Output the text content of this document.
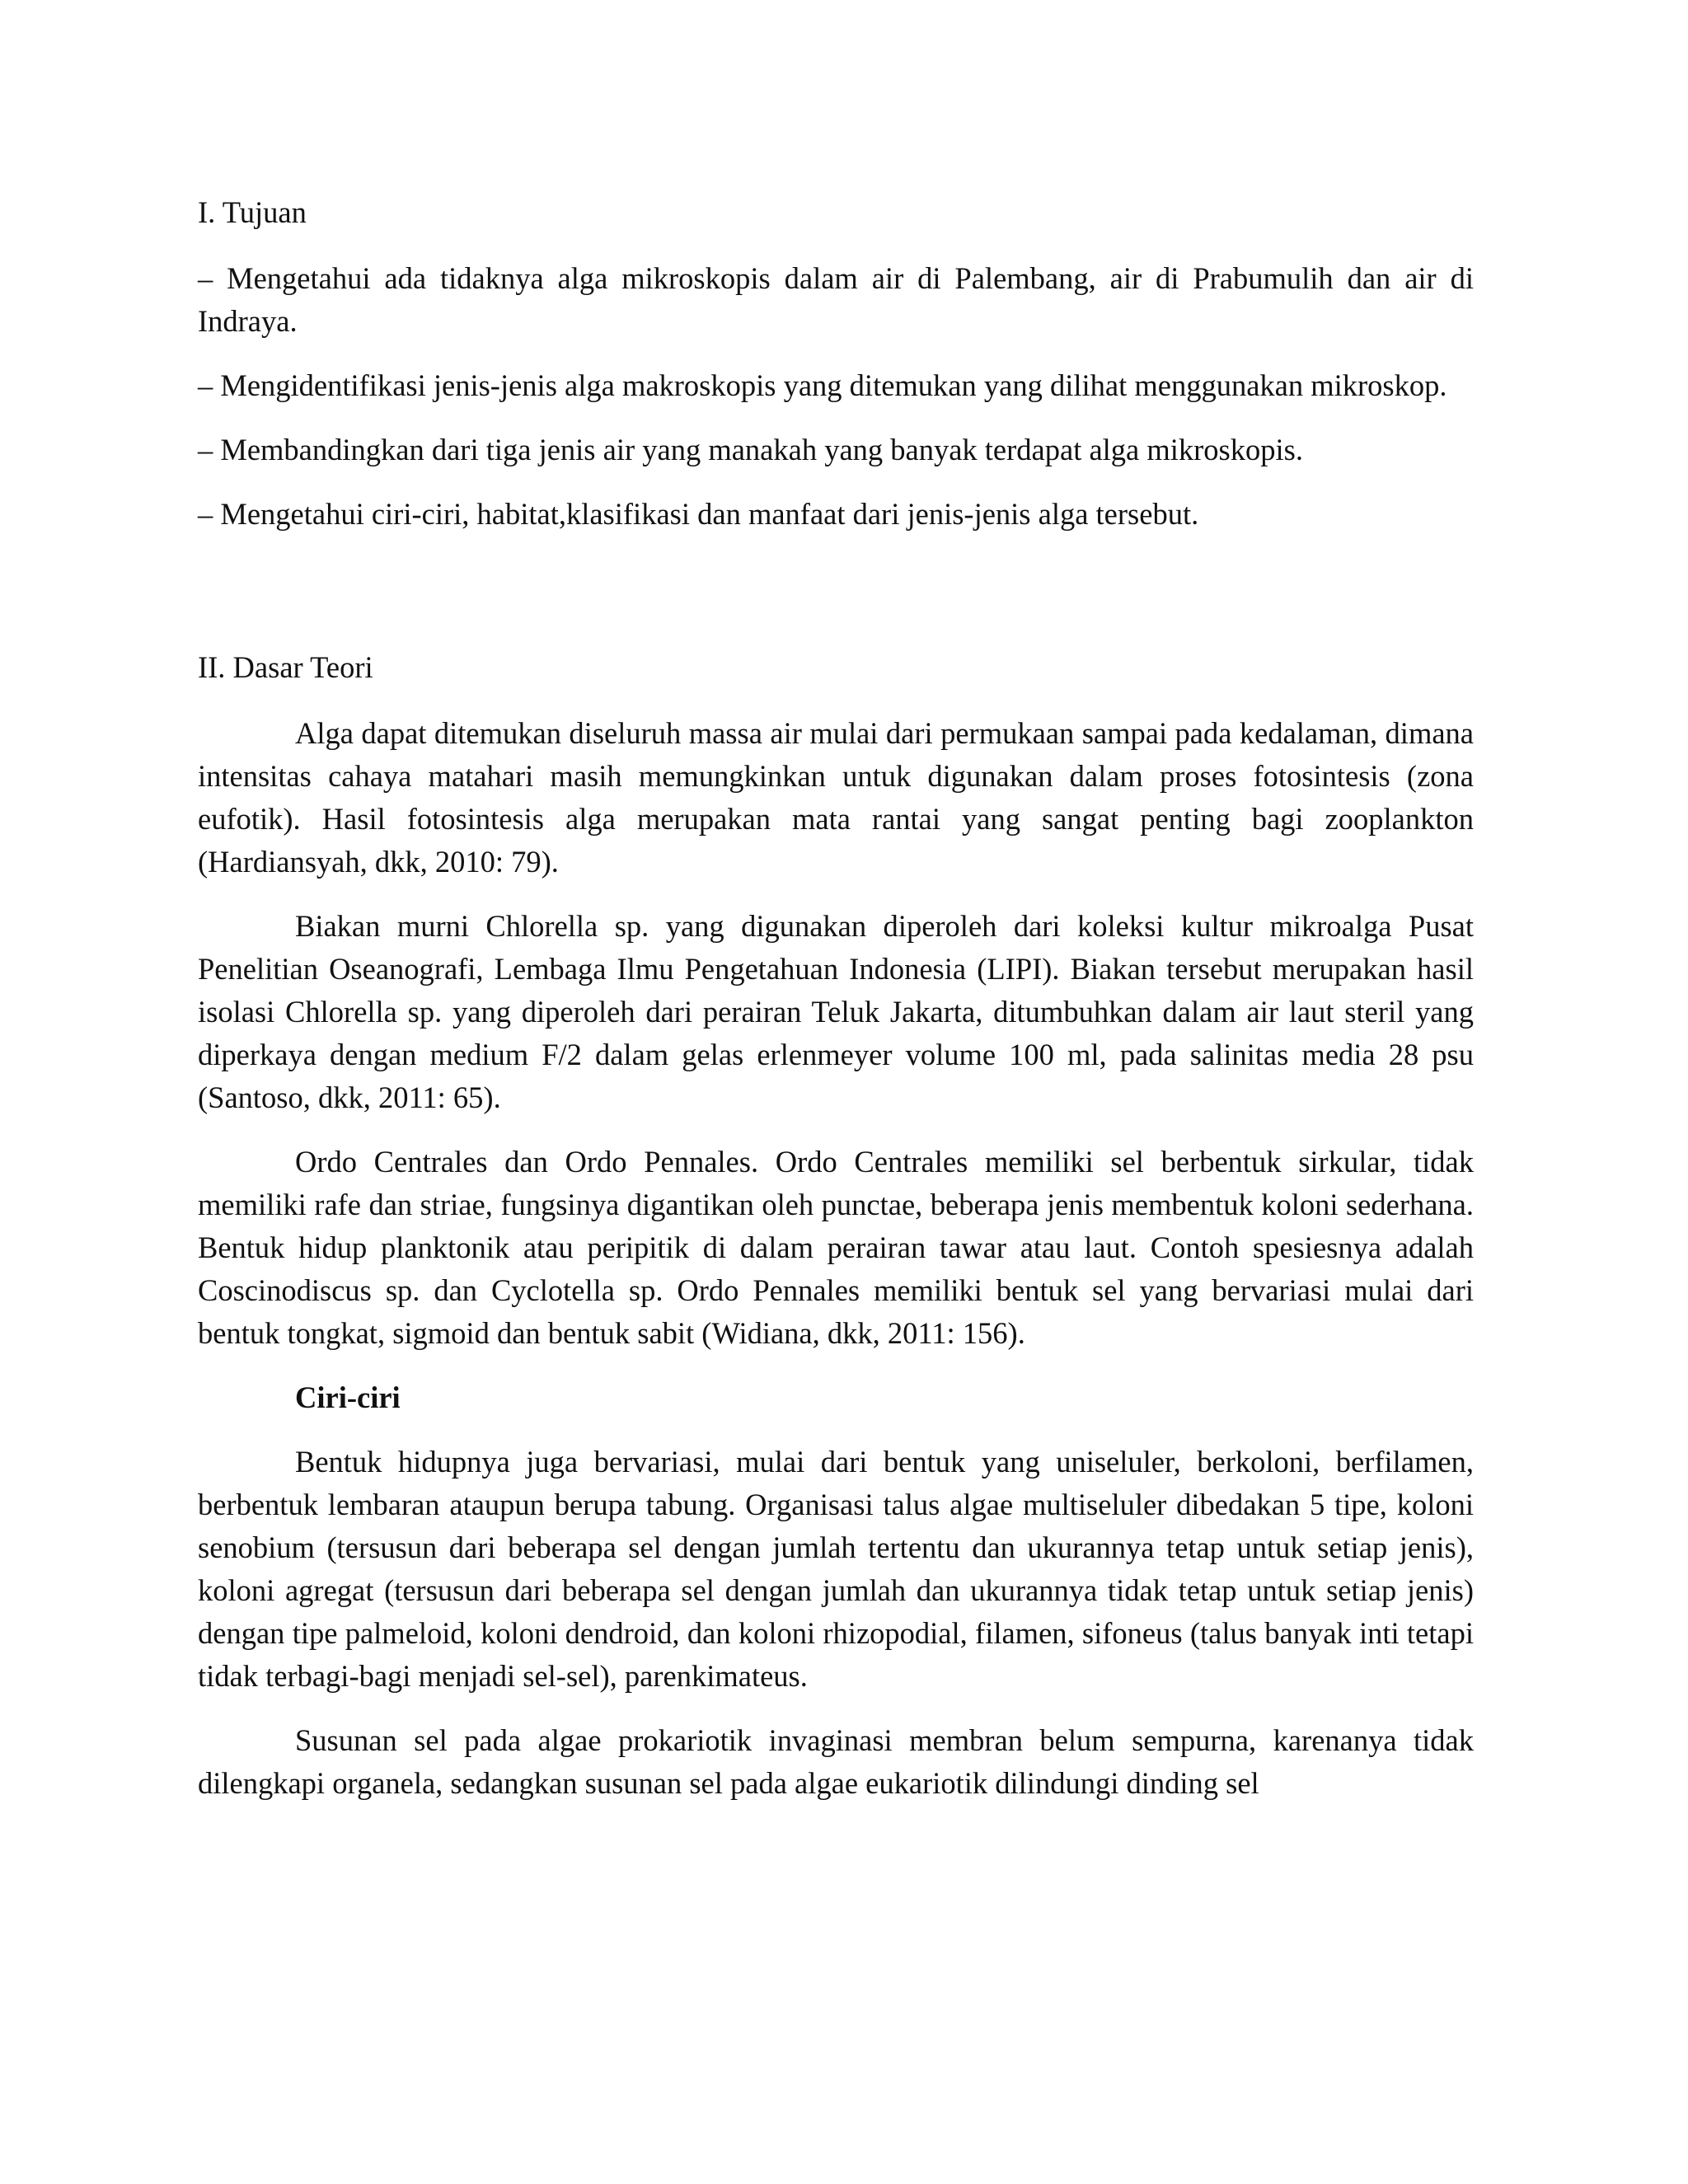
I. Tujuan

– Mengetahui ada tidaknya alga mikroskopis dalam air di Palembang, air di Prabumulih dan air di Indraya.

– Mengidentifikasi jenis-jenis alga makroskopis yang ditemukan yang dilihat menggunakan mikroskop.

– Membandingkan dari tiga jenis air yang manakah yang banyak terdapat alga mikroskopis.

– Mengetahui ciri-ciri, habitat,klasifikasi dan manfaat dari jenis-jenis alga tersebut.

II. Dasar Teori

Alga dapat ditemukan diseluruh massa air mulai dari permukaan sampai pada kedalaman, dimana intensitas cahaya matahari masih memungkinkan untuk digunakan dalam proses fotosintesis (zona eufotik). Hasil fotosintesis alga merupakan mata rantai yang sangat penting bagi zooplankton (Hardiansyah, dkk, 2010: 79).

Biakan murni Chlorella sp. yang digunakan diperoleh dari koleksi kultur mikroalga Pusat Penelitian Oseanografi, Lembaga Ilmu Pengetahuan Indonesia (LIPI). Biakan tersebut merupakan hasil isolasi Chlorella sp. yang diperoleh dari perairan Teluk Jakarta, ditumbuhkan dalam air laut steril yang diperkaya dengan medium F/2 dalam gelas erlenmeyer volume 100 ml, pada salinitas media 28 psu (Santoso, dkk, 2011: 65).

Ordo Centrales dan Ordo Pennales. Ordo Centrales memiliki sel berbentuk sirkular, tidak memiliki rafe dan striae, fungsinya digantikan oleh punctae, beberapa jenis membentuk koloni sederhana. Bentuk hidup planktonik atau peripitik di dalam perairan tawar atau laut. Contoh spesiesnya adalah Coscinodiscus sp. dan Cyclotella sp. Ordo Pennales memiliki bentuk sel yang bervariasi mulai dari bentuk tongkat, sigmoid dan bentuk sabit (Widiana, dkk, 2011: 156).

Ciri-ciri

Bentuk hidupnya juga bervariasi, mulai dari bentuk yang uniseluler, berkoloni, berfilamen, berbentuk lembaran ataupun berupa tabung. Organisasi talus algae multiseluler dibedakan 5 tipe, koloni senobium (tersusun dari beberapa sel dengan jumlah tertentu dan ukurannya tetap untuk setiap jenis), koloni agregat (tersusun dari beberapa sel dengan jumlah dan ukurannya tidak tetap untuk setiap jenis) dengan tipe palmeloid, koloni dendroid, dan koloni rhizopodial, filamen, sifoneus (talus banyak inti tetapi tidak terbagi-bagi menjadi sel-sel), parenkimateus.

Susunan sel pada algae prokariotik invaginasi membran belum sempurna, karenanya tidak dilengkapi organela, sedangkan susunan sel pada algae eukariotik dilindungi dinding sel
